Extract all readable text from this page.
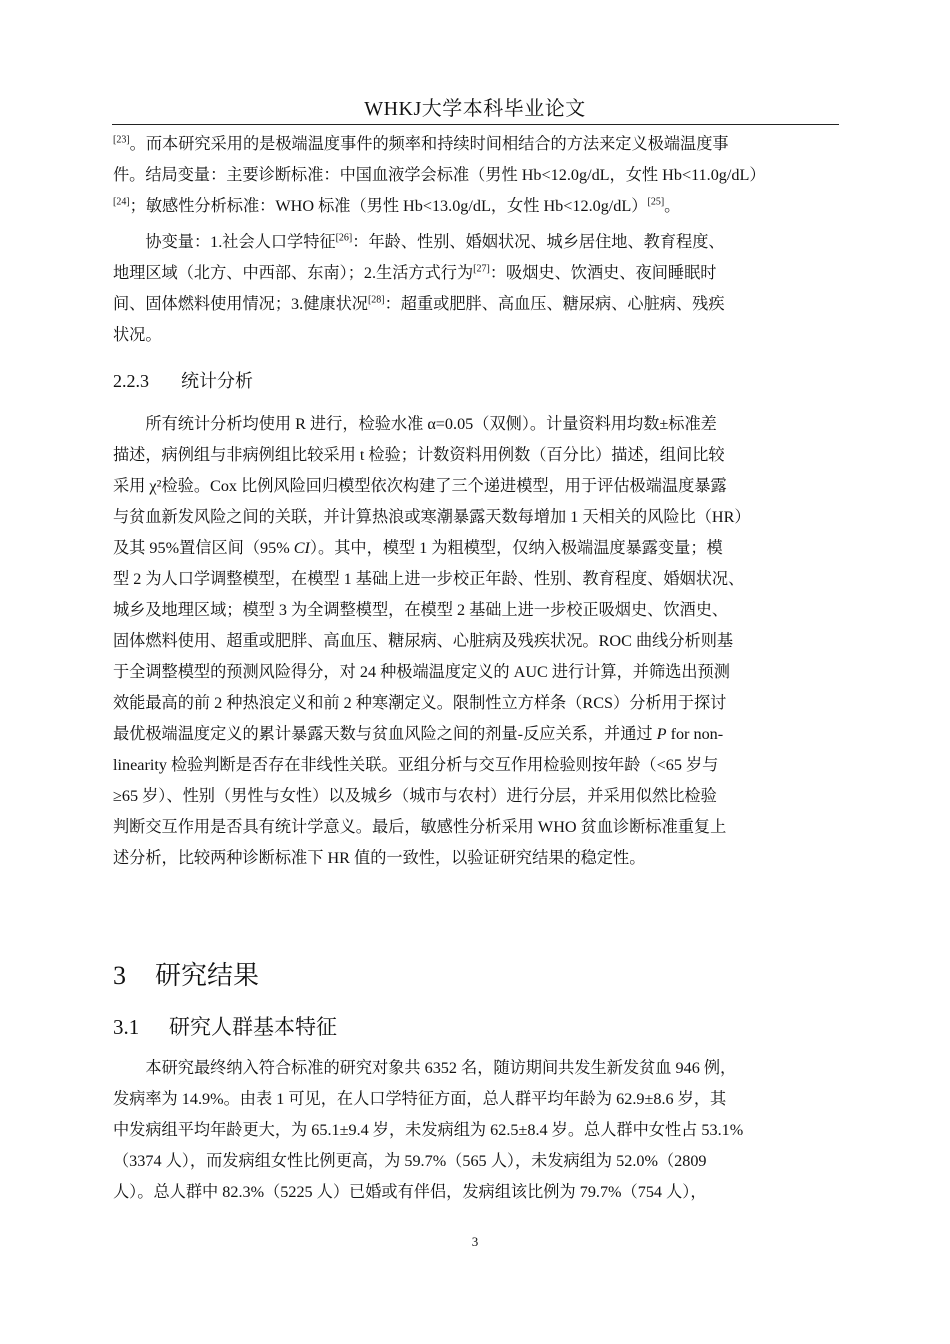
WHKJ大学本科毕业论文

[23]。而本研究采用的是极端温度事件的频率和持续时间相结合的方法来定义极端温度事

件。结局变量：主要诊断标准：中国血液学会标准（男性 Hb<12.0g/dL，女性 Hb<11.0g/dL）

[24]；敏感性分析标准：WHO 标准（男性 Hb<13.0g/dL，女性 Hb<12.0g/dL）[25]。

协变量：1.社会人口学特征[26]：年龄、性别、婚姻状况、城乡居住地、教育程度、

地理区域（北方、中西部、东南）；2.生活方式行为[27]：吸烟史、饮酒史、夜间睡眠时

间、固体燃料使用情况；3.健康状况[28]：超重或肥胖、高血压、糖尿病、心脏病、残疾

状况。

2.2.3 统计分析

所有统计分析均使用 R 进行，检验水准 α=0.05（双侧）。计量资料用均数±标准差

描述，病例组与非病例组比较采用 t 检验；计数资料用例数（百分比）描述，组间比较

采用 χ²检验。Cox 比例风险回归模型依次构建了三个递进模型，用于评估极端温度暴露

与贫血新发风险之间的关联，并计算热浪或寒潮暴露天数每增加 1 天相关的风险比（HR）

及其 95%置信区间（95% CI）。其中，模型 1 为粗模型，仅纳入极端温度暴露变量；模

型 2 为人口学调整模型，在模型 1 基础上进一步校正年龄、性别、教育程度、婚姻状况、

城乡及地理区域；模型 3 为全调整模型，在模型 2 基础上进一步校正吸烟史、饮酒史、

固体燃料使用、超重或肥胖、高血压、糖尿病、心脏病及残疾状况。ROC 曲线分析则基

于全调整模型的预测风险得分，对 24 种极端温度定义的 AUC 进行计算，并筛选出预测

效能最高的前 2 种热浪定义和前 2 种寒潮定义。限制性立方样条（RCS）分析用于探讨

最优极端温度定义的累计暴露天数与贫血风险之间的剂量-反应关系，并通过 P for non-

linearity 检验判断是否存在非线性关联。亚组分析与交互作用检验则按年龄（<65 岁与

≥65 岁）、性别（男性与女性）以及城乡（城市与农村）进行分层，并采用似然比检验

判断交互作用是否具有统计学意义。最后，敏感性分析采用 WHO 贫血诊断标准重复上

述分析，比较两种诊断标准下 HR 值的一致性，以验证研究结果的稳定性。

3 研究结果
3.1 研究人群基本特征

本研究最终纳入符合标准的研究对象共 6352 名，随访期间共发生新发贫血 946 例，

发病率为 14.9%。由表 1 可见，在人口学特征方面，总人群平均年龄为 62.9±8.6 岁，其

中发病组平均年龄更大，为 65.1±9.4 岁，未发病组为 62.5±8.4 岁。总人群中女性占 53.1%

（3374 人），而发病组女性比例更高，为 59.7%（565 人），未发病组为 52.0%（2809

人）。总人群中 82.3%（5225 人）已婚或有伴侣，发病组该比例为 79.7%（754 人），

3
